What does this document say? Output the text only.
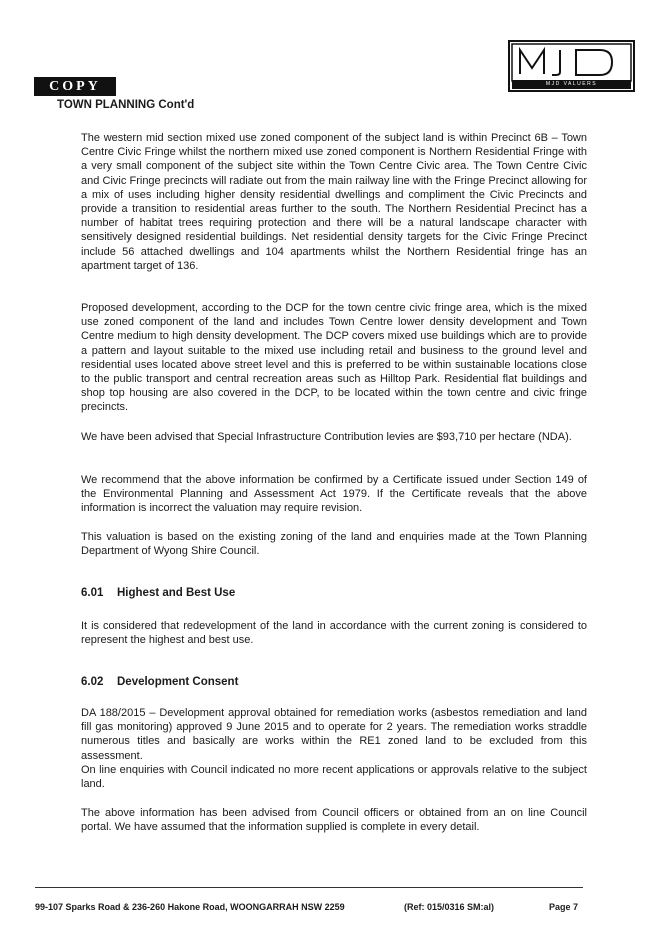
COPY	MJD VALUERS
TOWN PLANNING Cont'd

The western mid section mixed use zoned component of the subject land is within Precinct 6B – Town Centre Civic Fringe whilst the northern mixed use zoned component is Northern Residential Fringe with a very small component of the subject site within the Town Centre Civic area. The Town Centre Civic and Civic Fringe precincts will radiate out from the main railway line with the Fringe Precinct allowing for a mix of uses including higher density residential dwellings and compliment the Civic Precincts and provide a transition to residential areas further to the south. The Northern Residential Precinct has a number of habitat trees requiring protection and there will be a natural landscape character with sensitively designed residential buildings. Net residential density targets for the Civic Fringe Precinct include 56 attached dwellings and 104 apartments whilst the Northern Residential fringe has an apartment target of 136.

Proposed development, according to the DCP for the town centre civic fringe area, which is the mixed use zoned component of the land and includes Town Centre lower density development and Town Centre medium to high density development. The DCP covers mixed use buildings which are to provide a pattern and layout suitable to the mixed use including retail and business to the ground level and residential uses located above street level and this is preferred to be within sustainable locations close to the public transport and central recreation areas such as Hilltop Park. Residential flat buildings and shop top housing are also covered in the DCP, to be located within the town centre and civic fringe precincts.

We have been advised that Special Infrastructure Contribution levies are $93,710 per hectare (NDA).

We recommend that the above information be confirmed by a Certificate issued under Section 149 of the Environmental Planning and Assessment Act 1979. If the Certificate reveals that the above information is incorrect the valuation may require revision.

This valuation is based on the existing zoning of the land and enquiries made at the Town Planning Department of Wyong Shire Council.

6.01 Highest and Best Use

It is considered that redevelopment of the land in accordance with the current zoning is considered to represent the highest and best use.

6.02 Development Consent

DA 188/2015 – Development approval obtained for remediation works (asbestos remediation and land fill gas monitoring) approved 9 June 2015 and to operate for 2 years. The remediation works straddle numerous titles and basically are works within the RE1 zoned land to be excluded from this assessment.

On line enquiries with Council indicated no more recent applications or approvals relative to the subject land.

The above information has been advised from Council officers or obtained from an on line Council portal. We have assumed that the information supplied is complete in every detail.

99-107 Sparks Road & 236-260 Hakone Road, WOONGARRAH NSW 2259	(Ref: 015/0316 SM:al)	Page 7
